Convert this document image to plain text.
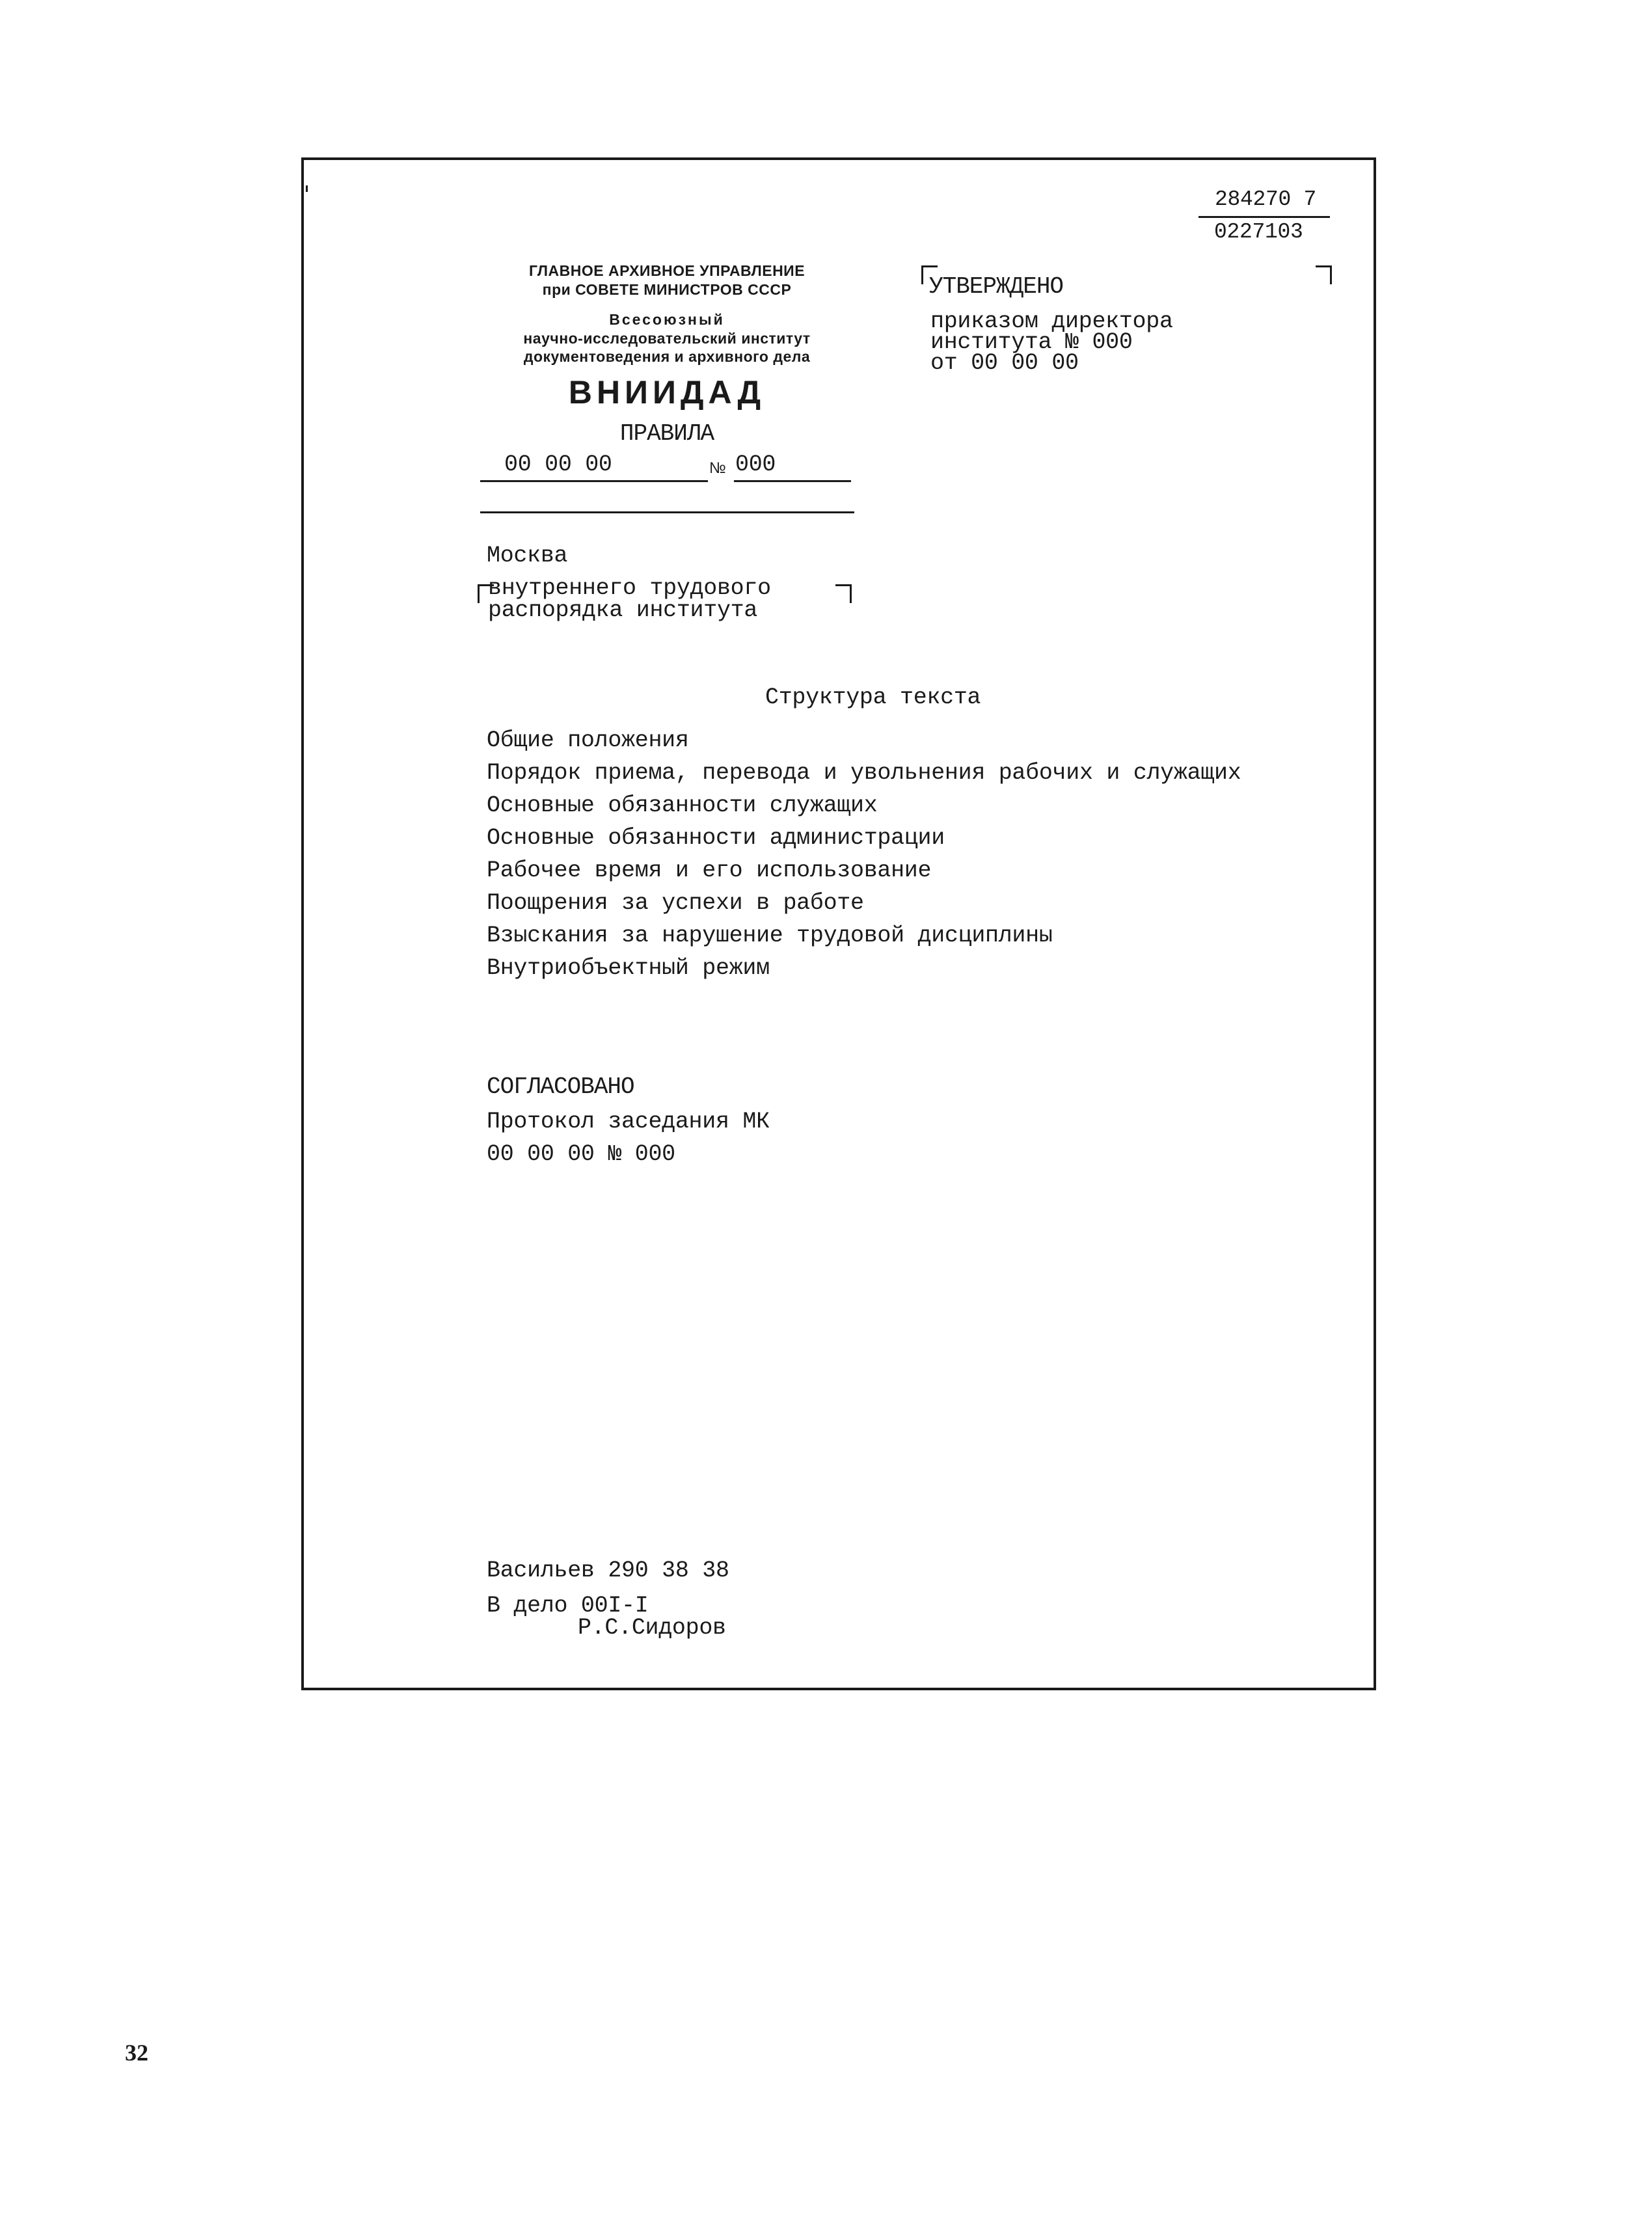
284270 7
0227103
ГЛАВНОЕ АРХИВНОЕ УПРАВЛЕНИЕ
при СОВЕТЕ МИНИСТРОВ СССР
Всесоюзный
научно-исследовательский институт
документоведения и архивного дела
ВНИИДАД
ПРАВИЛА
00 00 00	№ 000
УТВЕРЖДЕНО
приказом директора
института № 000
от 00 00 00
Москва
внутреннего трудового
распорядка института
Структура текста
Общие положения
Порядок приема, перевода и увольнения рабочих и служащих
Основные обязанности служащих
Основные обязанности администрации
Рабочее время и его использование
Поощрения за успехи в работе
Взыскания за нарушение трудовой дисциплины
Внутриобъектный режим
СОГЛАСОВАНО
Протокол заседания МК
00 00 00 № 000
Васильев 290 38 38
В дело 00I-I
Р.С.Сидоров
32
